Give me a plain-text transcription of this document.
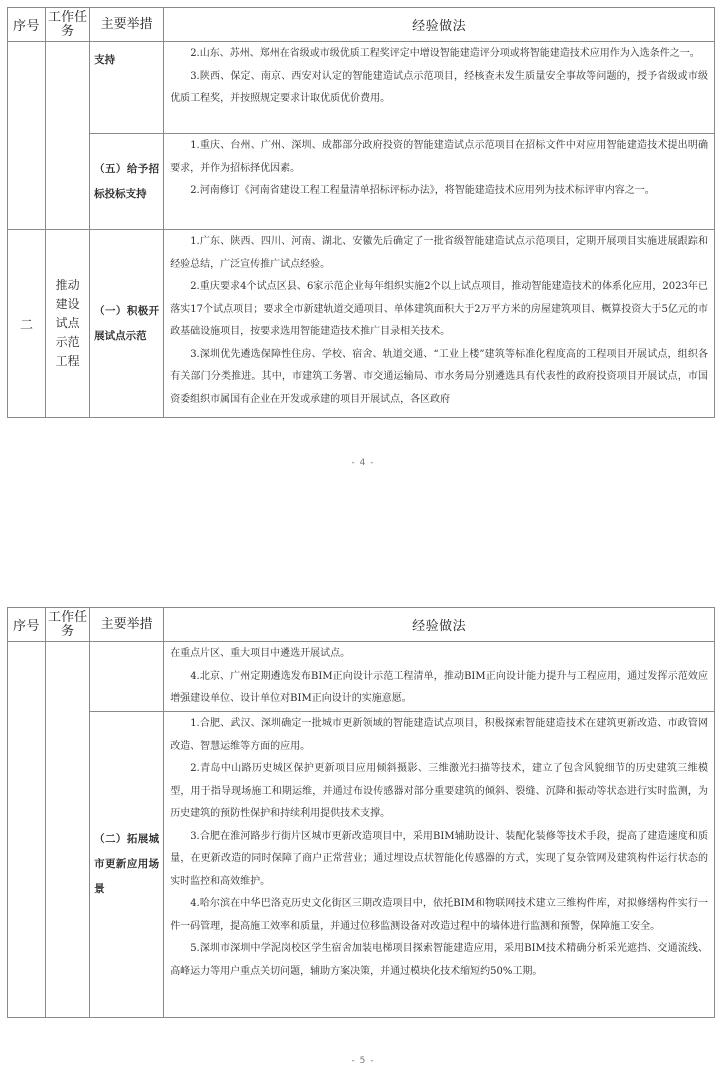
序号	工作任务	主要举措	经验做法
		支持	2.山东、苏州、郑州在省级或市级优质工程奖评定中增设智能建造评分项或将智能建造技术应用作为入选条件之一。

3.陕西、保定、南京、西安对认定的智能建造试点示范项目，经核查未发生质量安全事故等问题的，授予省级或市级优质工程奖，并按照规定要求计取优质优价费用。

		（五）给予招标投标支持	1.重庆、台州、广州、深圳、成都部分政府投资的智能建造试点示范项目在招标文件中对应用智能建造技术提出明确要求，并作为招标择优因素。

2.河南修订《河南省建设工程工程量清单招标评标办法》，将智能建造技术应用列为技术标评审内容之一。

二	推动建设试点示范工程	（一）积极开展试点示范	1.广东、陕西、四川、河南、湖北、安徽先后确定了一批省级智能建造试点示范项目，定期开展项目实施进展跟踪和经验总结，广泛宣传推广试点经验。

2.重庆要求4个试点区县、6家示范企业每年组织实施2个以上试点项目，推动智能建造技术的体系化应用，2023年已落实17个试点项目；要求全市新建轨道交通项目、单体建筑面积大于2万平方米的房屋建筑项目、概算投资大于5亿元的市政基础设施项目，按要求选用智能建造技术推广目录相关技术。

3.深圳优先遴选保障性住房、学校、宿舍、轨道交通、“工业上楼”建筑等标准化程度高的工程项目开展试点，组织各有关部门分类推进。其中，市建筑工务署、市交通运输局、市水务局分别遴选具有代表性的政府投资项目开展试点，市国资委组织市属国有企业在开发或承建的项目开展试点，各区政府

- 4 -
序号	工作任务	主要举措	经验做法

			在重点片区、重大项目中遴选开展试点。

4.北京、广州定期遴选发布BIM正向设计示范工程清单，推动BIM正向设计能力提升与工程应用，通过发挥示范效应增强建设单位、设计单位对BIM正向设计的实施意愿。

		（二）拓展城市更新应用场景	1.合肥、武汉、深圳确定一批城市更新领域的智能建造试点项目，积极探索智能建造技术在建筑更新改造、市政管网改造、智慧运维等方面的应用。

2.青岛中山路历史城区保护更新项目应用倾斜摄影、三维激光扫描等技术，建立了包含风貌细节的历史建筑三维模型，用于指导现场施工和期运维，并通过布设传感器对部分重要建筑的倾斜、裂缝、沉降和振动等状态进行实时监测，为历史建筑的预防性保护和持续利用提供技术支撑。

3.合肥在淮河路步行街片区城市更新改造项目中，采用BIM辅助设计、装配化装修等技术手段，提高了建造速度和质量，在更新改造的同时保障了商户正常营业；通过埋设点状智能化传感器的方式，实现了复杂管网及建筑构件运行状态的实时监控和高效维护。

4.哈尔滨在中华巴洛克历史文化街区三期改造项目中，依托BIM和物联网技术建立三维构件库，对拟修缮构件实行一件一码管理，提高施工效率和质量，并通过位移监测设备对改造过程中的墙体进行监测和预警，保障施工安全。

5.深圳市深圳中学泥岗校区学生宿舍加装电梯项目探索智能建造应用，采用BIM技术精确分析采光遮挡、交通流线、高峰运力等用户重点关切问题，辅助方案决策，并通过模块化技术缩短约50%工期。

- 5 -
